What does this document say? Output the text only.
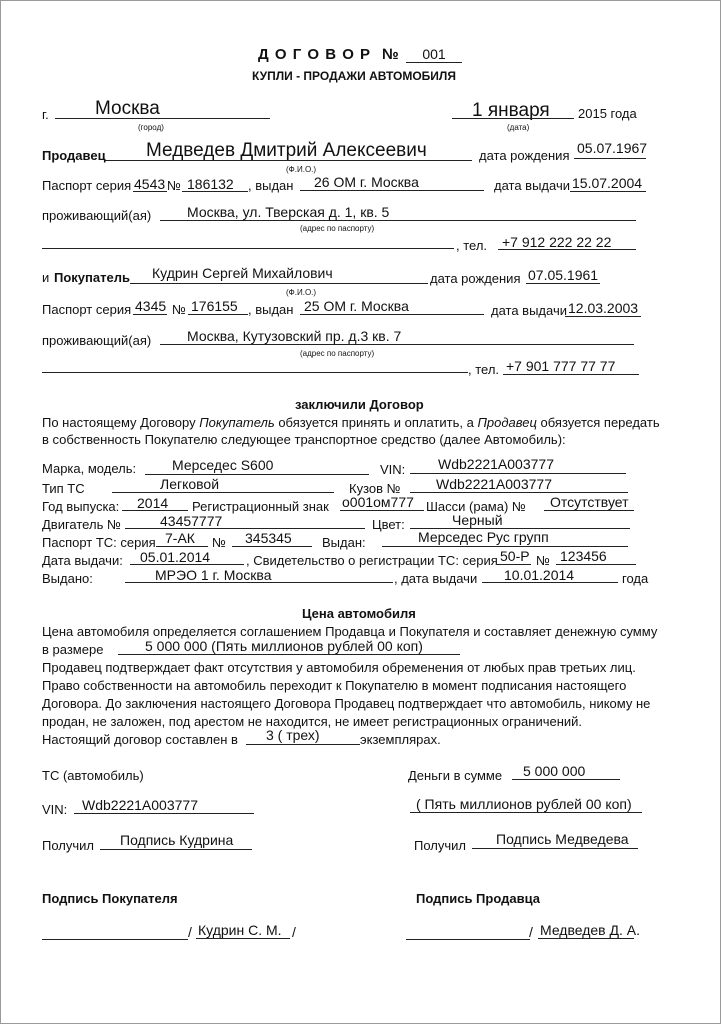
Д О Г О В О Р №	001
КУПЛИ - ПРОДАЖИ АВТОМОБИЛЯ
г. Москва
(город)
1 января
(дата)
2015 года
Продавец Медведев Дмитрий Алексеевич
(Ф.И.О.)
дата рождения 05.07.1967
Паспорт серия 4543 № 186132 , выдан 26 ОМ г. Москва	дата выдачи 15.07.2004
проживающий(ая)	Москва, ул. Тверская д. 1, кв. 5
(адрес по паспорту)
, тел. +7 912 222 22 22
и Покупатель Кудрин Сергей Михайлович
(Ф.И.О.)
дата рождения 07.05.1961
Паспорт серия 4345 № 176155 , выдан 25 ОМ г. Москва	дата выдачи 12.03.2003
проживающий(ая)	Москва, Кутузовский пр. д.3 кв. 7
(адрес по паспорту)
, тел. +7 901 777 77 77
заключили Договор
По настоящему Договору Покупатель обязуется принять и оплатить, а Продавец обязуется передать
в собственность Покупателю следующее транспортное средство (далее Автомобиль):
Марка, модель:	Мерседес S600	VIN: Wdb2221A003777
Тип ТС	Легковой	Кузов №	Wdb2221A003777
Год выпуска: 2014 Регистрационный знак о001ом777 Шасси (рама) № Отсутствует
Двигатель №	43457777	Цвет:	Черный
Паспорт ТС: серия 7-АК № 345345 Выдан:	Мерседес Рус групп
Дата выдачи: 05.01.2014	, Свидетельство о регистрации ТС: серия 50-Р № 123456
Выдано:	МРЭО 1 г. Москва	, дата выдачи 10.01.2014	года
Цена автомобиля
Цена автомобиля определяется соглашением Продавца и Покупателя и составляет денежную сумму
в размере	5 000 000 (Пять миллионов рублей 00 коп)
Продавец подтверждает факт отсутствия у автомобиля обременения от любых прав третьих лиц.
Право собственности на автомобиль переходит к Покупателю в момент подписания настоящего
Договора. До заключения настоящего Договора Продавец подтверждает что автомобиль, никому не
продан, не заложен, под арестом не находится, не имеет регистрационных ограничений.
Настоящий договор составлен в 3 ( трех)	экземплярах.
ТС (автомобиль)
VIN: Wdb2221A003777
Получил Подпись Кудрина
Деньги в сумме 5 000 000
( Пять миллионов рублей 00 коп)
Получил Подпись Медведева
Подпись Покупателя
/ Кудрин С. М. /
Подпись Продавца
/ Медведев Д. А.
